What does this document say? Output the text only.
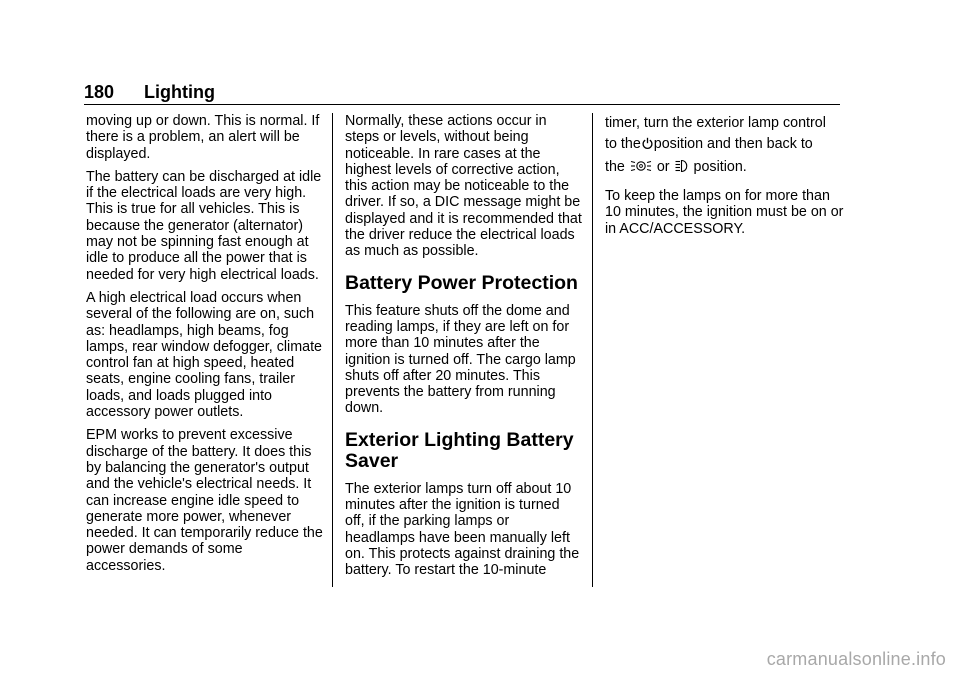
180 Lighting

moving up or down. This is normal. If there is a problem, an alert will be displayed.

The battery can be discharged at idle if the electrical loads are very high. This is true for all vehicles. This is because the generator (alternator) may not be spinning fast enough at idle to produce all the power that is needed for very high electrical loads.

A high electrical load occurs when several of the following are on, such as: headlamps, high beams, fog lamps, rear window defogger, climate control fan at high speed, heated seats, engine cooling fans, trailer loads, and loads plugged into accessory power outlets.

EPM works to prevent excessive discharge of the battery. It does this by balancing the generator's output and the vehicle's electrical needs. It can increase engine idle speed to generate more power, whenever needed. It can temporarily reduce the power demands of some accessories.

Normally, these actions occur in steps or levels, without being noticeable. In rare cases at the highest levels of corrective action, this action may be noticeable to the driver. If so, a DIC message might be displayed and it is recommended that the driver reduce the electrical loads as much as possible.

Battery Power Protection

This feature shuts off the dome and reading lamps, if they are left on for more than 10 minutes after the ignition is turned off. The cargo lamp shuts off after 20 minutes. This prevents the battery from running down.

Exterior Lighting Battery Saver

The exterior lamps turn off about 10 minutes after the ignition is turned off, if the parking lamps or headlamps have been manually left on. This protects against draining the battery. To restart the 10-minute

timer, turn the exterior lamp control
to the position and then back to
the or position.

To keep the lamps on for more than 10 minutes, the ignition must be on or in ACC/ACCESSORY.

carmanualsonline.info
